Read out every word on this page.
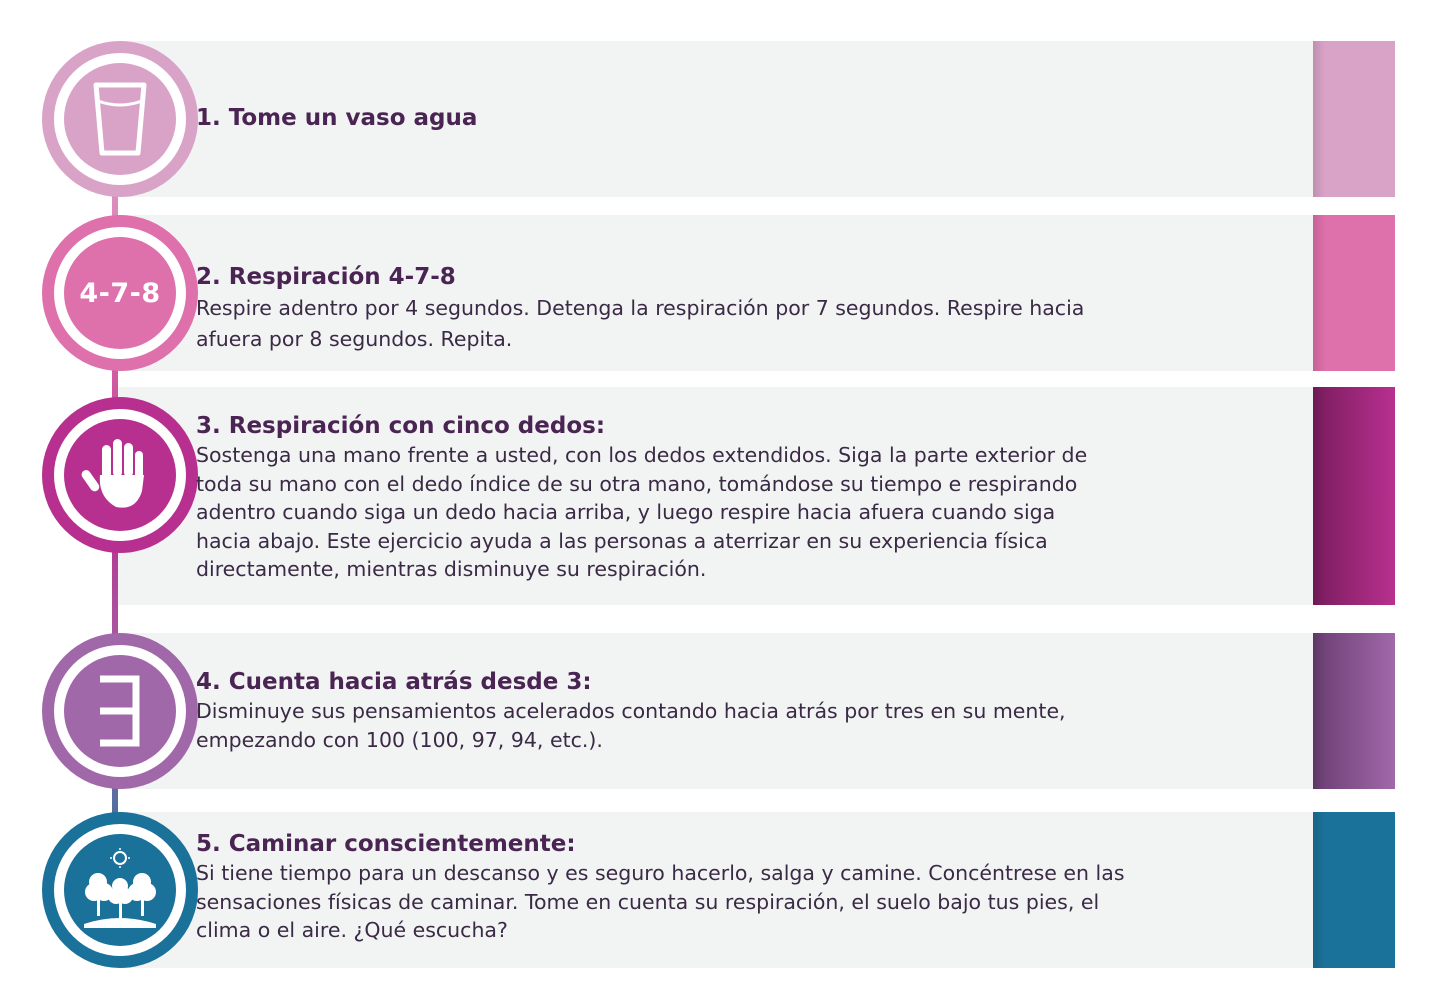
1. Tome un vaso agua

4-7-8

2. Respiración 4-7-8

Respire adentro por 4 segundos. Detenga la respiración por 7 segundos. Respire hacia

afuera por 8 segundos. Repita.

3. Respiración con cinco dedos:

Sostenga una mano frente a usted, con los dedos extendidos. Siga la parte exterior de

toda su mano con el dedo índice de su otra mano, tomándose su tiempo e respirando

adentro cuando siga un dedo hacia arriba, y luego respire hacia afuera cuando siga

hacia abajo. Este ejercicio ayuda a las personas a aterrizar en su experiencia física

directamente, mientras disminuye su respiración.

4. Cuenta hacia atrás desde 3:

Disminuye sus pensamientos acelerados contando hacia atrás por tres en su mente,

empezando con 100 (100, 97, 94, etc.).

5. Caminar conscientemente:

Si tiene tiempo para un descanso y es seguro hacerlo, salga y camine. Concéntrese en las

sensaciones físicas de caminar. Tome en cuenta su respiración, el suelo bajo tus pies, el

clima o el aire. ¿Qué escucha?
